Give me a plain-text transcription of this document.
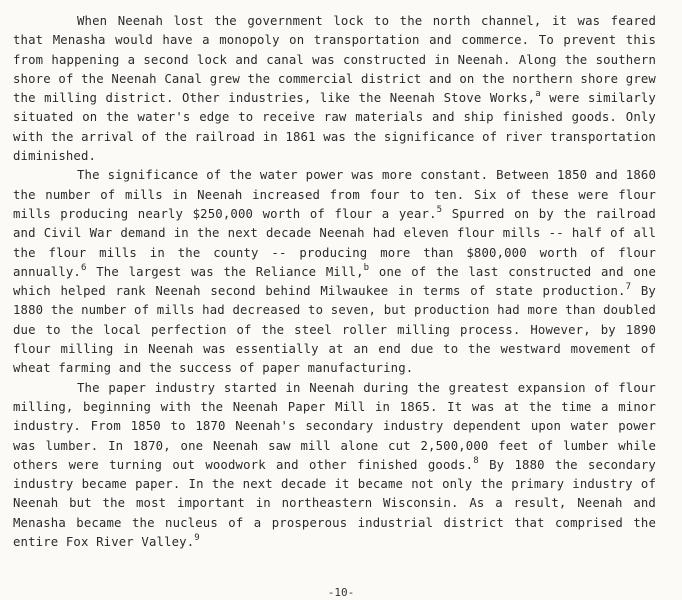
When Neenah lost the government lock to the north channel, it was feared that Menasha would have a monopoly on transportation and commerce. To prevent this from happening a second lock and canal was constructed in Neenah. Along the southern shore of the Neenah Canal grew the commercial district and on the northern shore grew the milling district. Other industries, like the Neenah Stove Works,$^a$ were similarly situated on the water's edge to receive raw materials and ship finished goods. Only with the arrival of the railroad in 1861 was the significance of river transportation diminished.

The significance of the water power was more constant. Between 1850 and 1860 the number of mills in Neenah increased from four to ten. Six of these were flour mills producing nearly $250,000 worth of flour a year.$^5$ Spurred on by the railroad and Civil War demand in the next decade Neenah had eleven flour mills -- half of all the flour mills in the county -- producing more than $800,000 worth of flour annually.$^6$ The largest was the Reliance Mill,$^b$ one of the last constructed and one which helped rank Neenah second behind Milwaukee in terms of state production.$^7$ By 1880 the number of mills had decreased to seven, but production had more than doubled due to the local perfection of the steel roller milling process. However, by 1890 flour milling in Neenah was essentially at an end due to the westward movement of wheat farming and the success of paper manufacturing.

The paper industry started in Neenah during the greatest expansion of flour milling, beginning with the Neenah Paper Mill in 1865. It was at the time a minor industry. From 1850 to 1870 Neenah's secondary industry dependent upon water power was lumber. In 1870, one Neenah saw mill alone cut 2,500,000 feet of lumber while others were turning out woodwork and other finished goods.$^8$ By 1880 the secondary industry became paper. In the next decade it became not only the primary industry of Neenah but the most important in northeastern Wisconsin. As a result, Neenah and Menasha became the nucleus of a prosperous industrial district that comprised the entire Fox River Valley.$^9$

-10-
